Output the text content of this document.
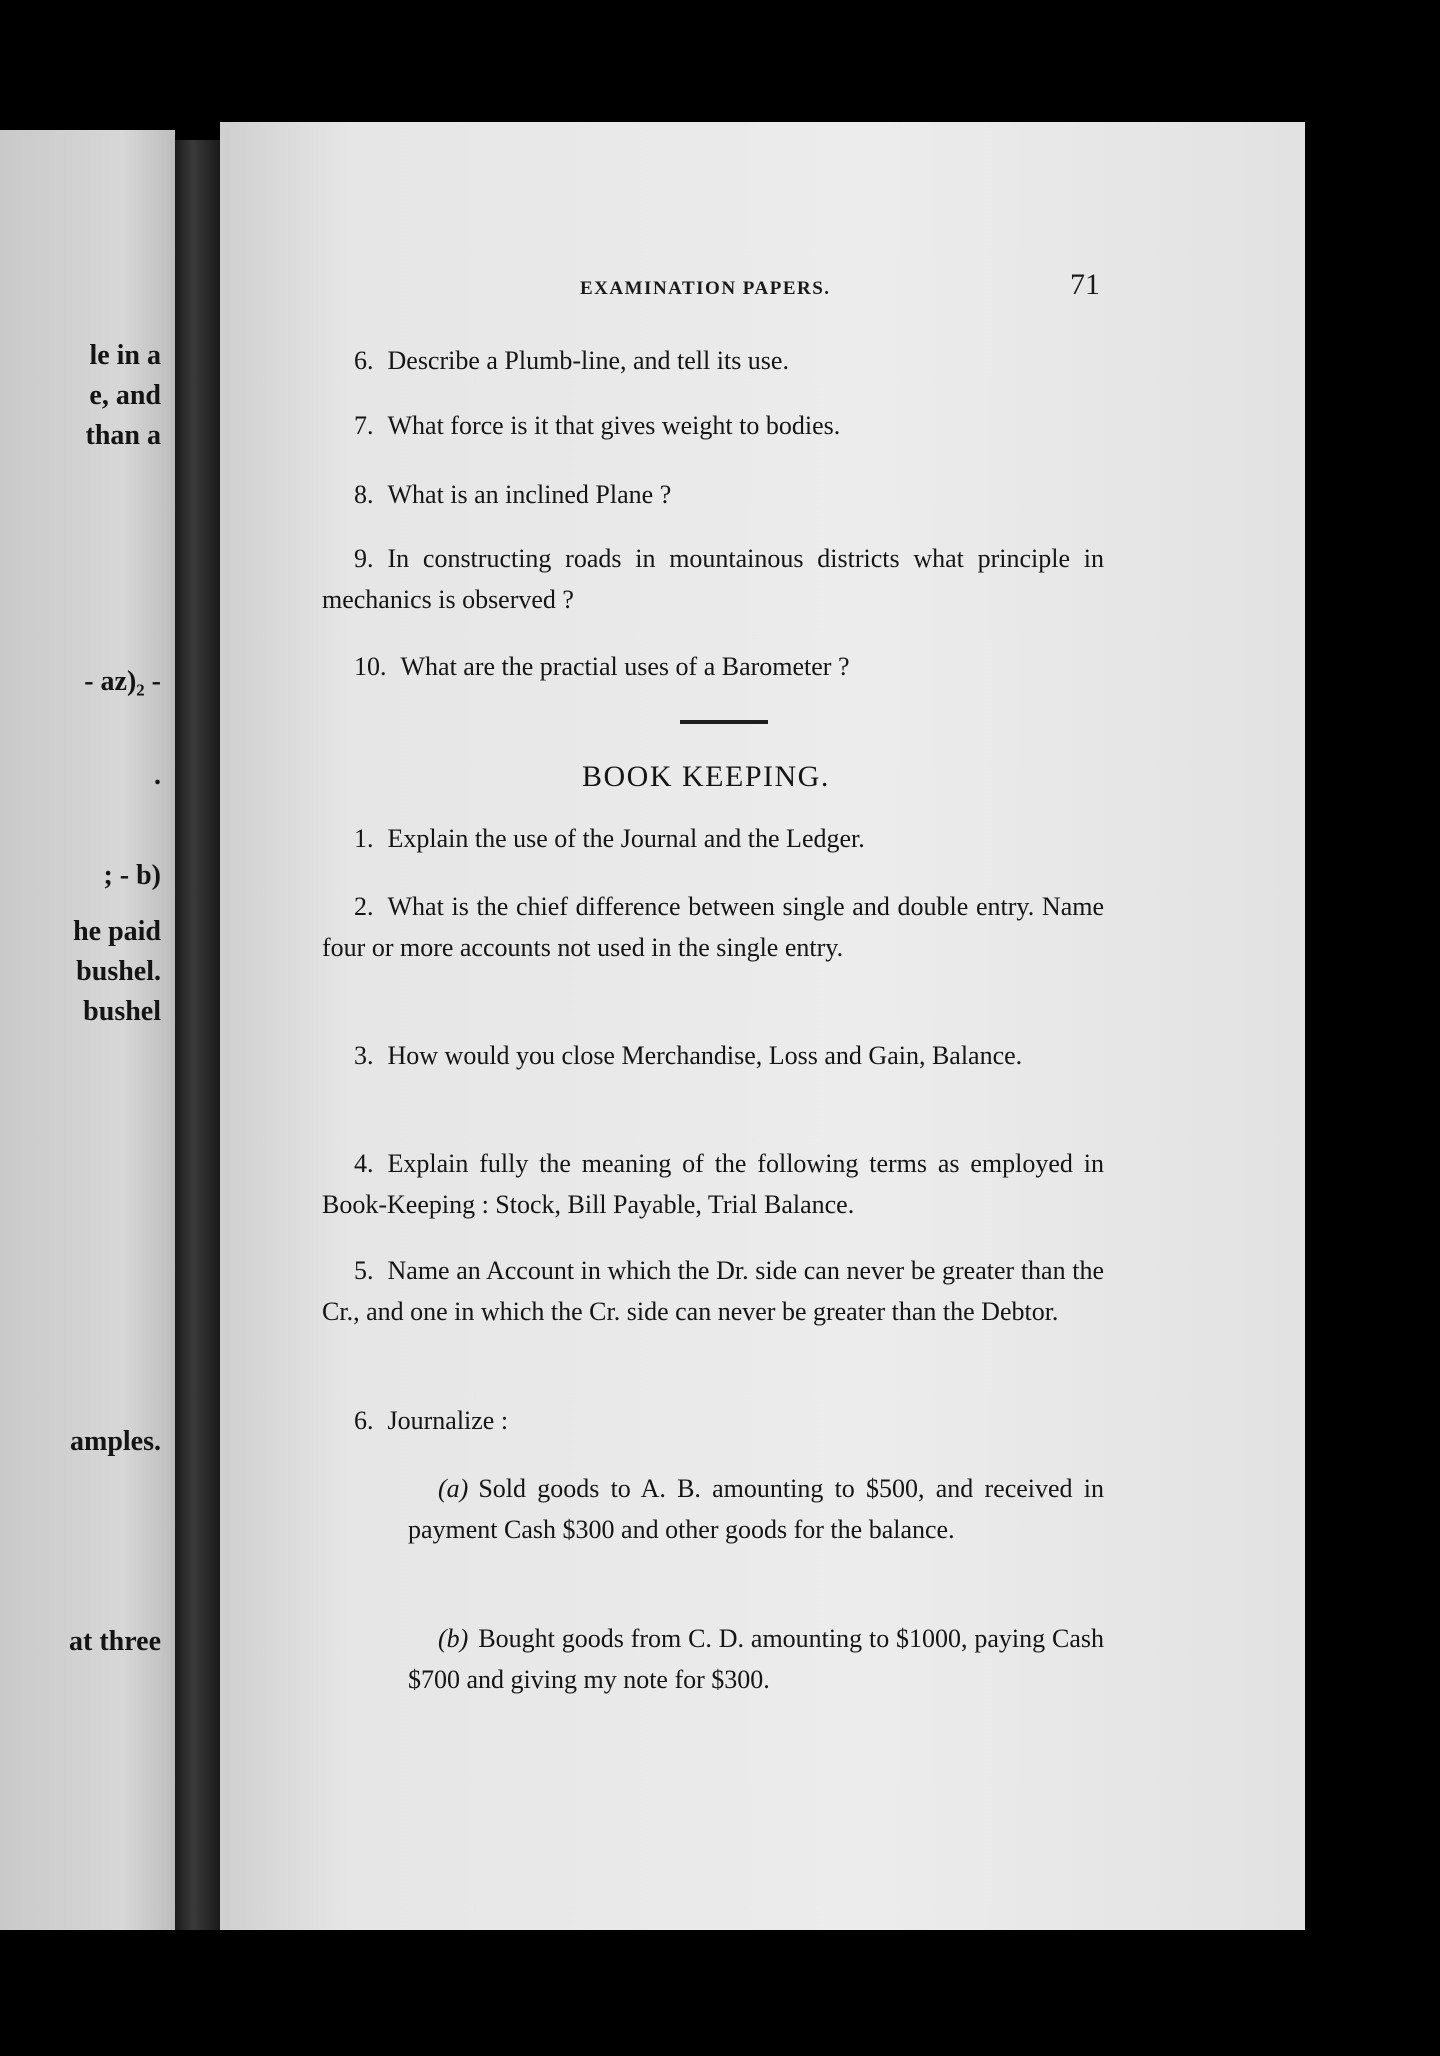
le in a
e, and
than a
- az)₂ -
.
; - b)
he paid
bushel.
bushel
amples.
at three
EXAMINATION PAPERS.	71
6. Describe a Plumb-line, and tell its use.
7. What force is it that gives weight to bodies.
8. What is an inclined Plane ?
9. In constructing roads in mountainous districts what principle in mechanics is observed ?
10. What are the practial uses of a Barometer ?
BOOK KEEPING.
1. Explain the use of the Journal and the Ledger.
2. What is the chief difference between single and double entry. Name four or more accounts not used in the single entry.
3. How would you close Merchandise, Loss and Gain, Balance.
4. Explain fully the meaning of the following terms as employed in Book-Keeping : Stock, Bill Payable, Trial Balance.
5. Name an Account in which the Dr. side can never be greater than the Cr., and one in which the Cr. side can never be greater than the Debtor.
6. Journalize :
(a) Sold goods to A. B. amounting to $500, and received in payment Cash $300 and other goods for the balance.
(b) Bought goods from C. D. amounting to $1000, paying Cash $700 and giving my note for $300.
